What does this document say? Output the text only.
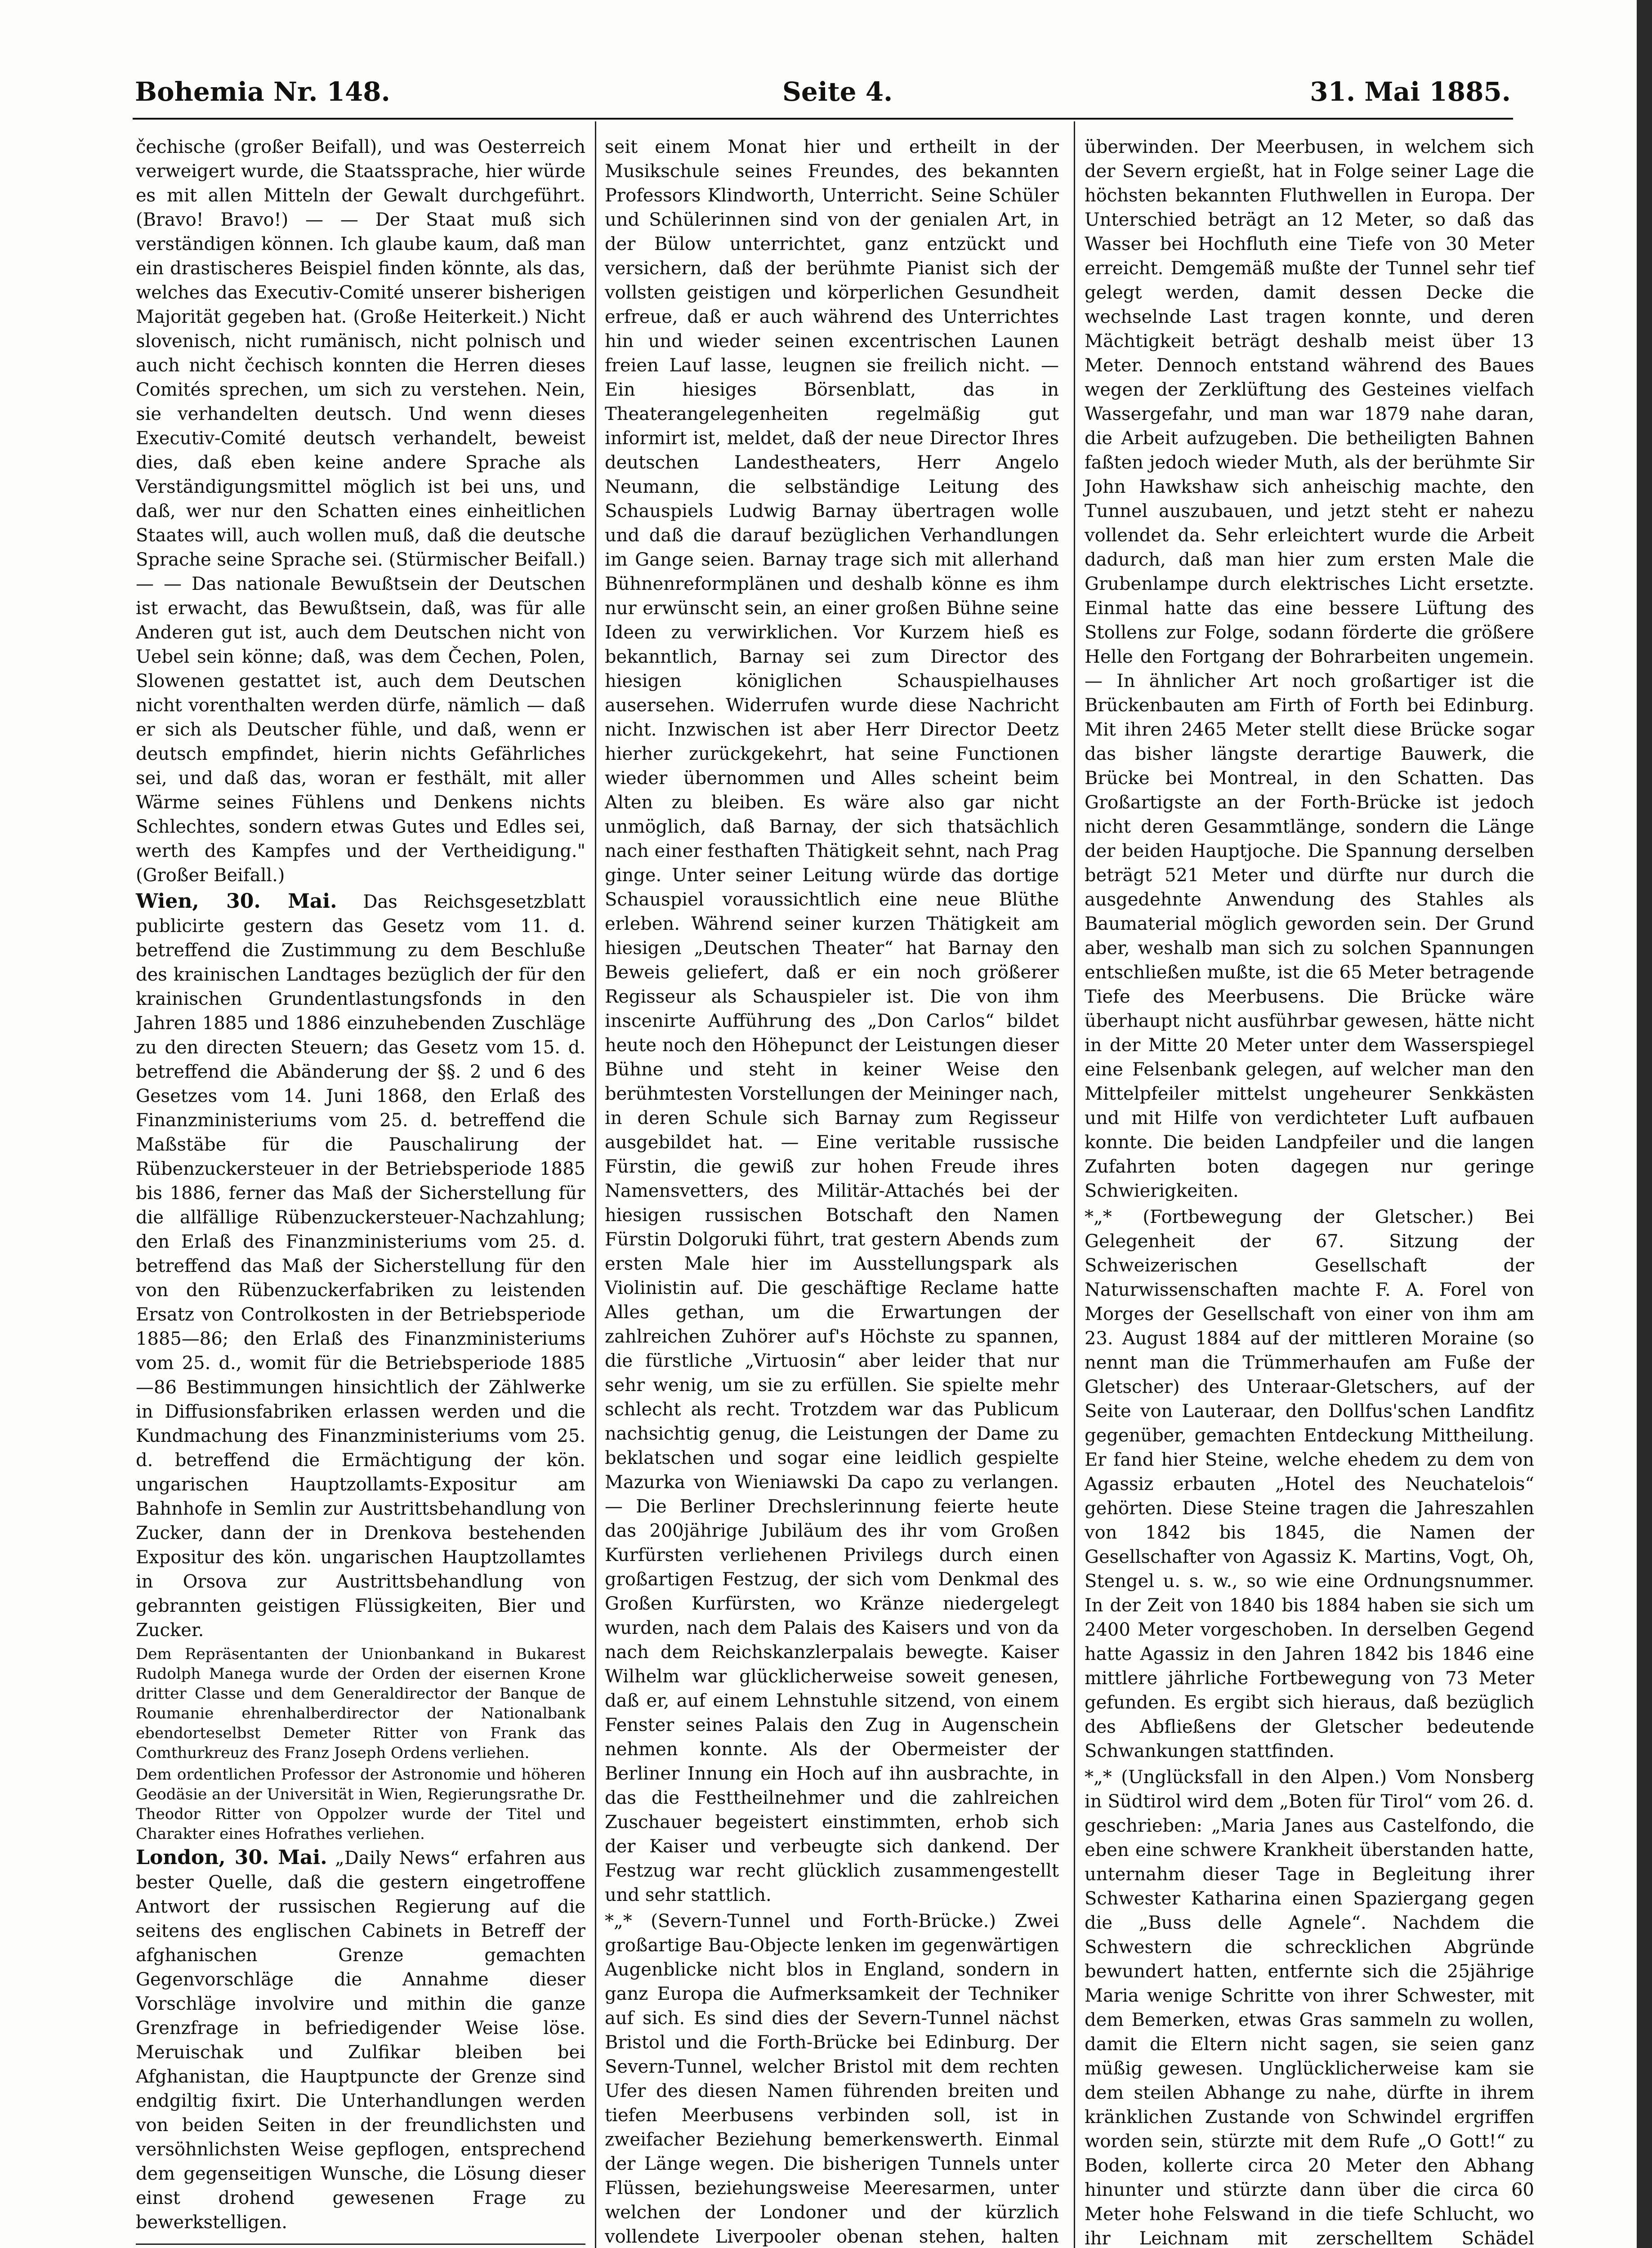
Bohemia Nr. 148.	Seite 4.	31. Mai 1885.

čechische (großer Beifall), und was Oesterreich verweigert wurde, die Staatssprache, hier würde es mit allen Mitteln der Gewalt durchgeführt. (Bravo! Bravo!) — — Der Staat muß sich verständigen können. Ich glaube kaum, daß man ein drastischeres Beispiel finden könnte, als das, welches das Executiv-Comité unserer bisherigen Majorität gegeben hat. (Große Heiterkeit.) Nicht slovenisch, nicht rumänisch, nicht polnisch und auch nicht čechisch konnten die Herren dieses Comités sprechen, um sich zu verstehen. Nein, sie verhandelten deutsch. Und wenn dieses Executiv-Comité deutsch verhandelt, beweist dies, daß eben keine andere Sprache als Verständigungsmittel möglich ist bei uns, und daß, wer nur den Schatten eines einheitlichen Staates will, auch wollen muß, daß die deutsche Sprache seine Sprache sei. (Stürmischer Beifall.) — — Das nationale Bewußtsein der Deutschen ist erwacht, das Bewußtsein, daß, was für alle Anderen gut ist, auch dem Deutschen nicht von Uebel sein könne; daß, was dem Čechen, Polen, Slowenen gestattet ist, auch dem Deutschen nicht vorenthalten werden dürfe, nämlich — daß er sich als Deutscher fühle, und daß, wenn er deutsch empfindet, hierin nichts Gefährliches sei, und daß das, woran er festhält, mit aller Wärme seines Fühlens und Denkens nichts Schlechtes, sondern etwas Gutes und Edles sei, werth des Kampfes und der Vertheidigung." (Großer Beifall.)

Wien, 30. Mai. Das Reichsgesetzblatt publicirte gestern das Gesetz vom 11. d. betreffend die Zustimmung zu dem Beschluße des krainischen Landtages bezüglich der für den krainischen Grundentlastungsfonds in den Jahren 1885 und 1886 einzuhebenden Zuschläge zu den directen Steuern; das Gesetz vom 15. d. betreffend die Abänderung der §§. 2 und 6 des Gesetzes vom 14. Juni 1868, den Erlaß des Finanzministeriums vom 25. d. betreffend die Maßstäbe für die Pauschalirung der Rübenzuckersteuer in der Betriebsperiode 1885 bis 1886, ferner das Maß der Sicherstellung für die allfällige Rübenzuckersteuer-Nachzahlung; den Erlaß des Finanzministeriums vom 25. d. betreffend das Maß der Sicherstellung für den von den Rübenzuckerfabriken zu leistenden Ersatz von Controlkosten in der Betriebsperiode 1885—86; den Erlaß des Finanzministeriums vom 25. d., womit für die Betriebsperiode 1885—86 Bestimmungen hinsichtlich der Zählwerke in Diffusionsfabriken erlassen werden und die Kundmachung des Finanzministeriums vom 25. d. betreffend die Ermächtigung der kön. ungarischen Hauptzollamts-Expositur am Bahnhofe in Semlin zur Austrittsbehandlung von Zucker, dann der in Drenkova bestehenden Expositur des kön. ungarischen Hauptzollamtes in Orsova zur Austrittsbehandlung von gebrannten geistigen Flüssigkeiten, Bier und Zucker.

Dem Repräsentanten der Unionbankand in Bukarest Rudolph Manega wurde der Orden der eisernen Krone dritter Classe und dem Generaldirector der Banque de Roumanie ehrenhalberdirector der Nationalbank ebendorteselbst Demeter Ritter von Frank das Comthurkreuz des Franz Joseph Ordens verliehen.

Dem ordentlichen Professor der Astronomie und höheren Geodäsie an der Universität in Wien, Regierungsrathe Dr. Theodor Ritter von Oppolzer wurde der Titel und Charakter eines Hofrathes verliehen.

London, 30. Mai. „Daily News“ erfahren aus bester Quelle, daß die gestern eingetroffene Antwort der russischen Regierung auf die seitens des englischen Cabinets in Betreff der afghanischen Grenze gemachten Gegenvorschläge die Annahme dieser Vorschläge involvire und mithin die ganze Grenzfrage in befriedigender Weise löse. Meruischak und Zulfikar bleiben bei Afghanistan, die Hauptpuncte der Grenze sind endgiltig fixirt. Die Unterhandlungen werden von beiden Seiten in der freundlichsten und versöhnlichsten Weise gepflogen, entsprechend dem gegenseitigen Wunsche, die Lösung dieser einst drohend gewesenen Frage zu bewerkstelligen.

seit einem Monat hier und ertheilt in der Musikschule seines Freundes, des bekannten Professors Klindworth, Unterricht. Seine Schüler und Schülerinnen sind von der genialen Art, in der Bülow unterrichtet, ganz entzückt und versichern, daß der berühmte Pianist sich der vollsten geistigen und körperlichen Gesundheit erfreue, daß er auch während des Unterrichtes hin und wieder seinen excentrischen Launen freien Lauf lasse, leugnen sie freilich nicht. — Ein hiesiges Börsenblatt, das in Theaterangelegenheiten regelmäßig gut informirt ist, meldet, daß der neue Director Ihres deutschen Landestheaters, Herr Angelo Neumann, die selbständige Leitung des Schauspiels Ludwig Barnay übertragen wolle und daß die darauf bezüglichen Verhandlungen im Gange seien. Barnay trage sich mit allerhand Bühnenreformplänen und deshalb könne es ihm nur erwünscht sein, an einer großen Bühne seine Ideen zu verwirklichen. Vor Kurzem hieß es bekanntlich, Barnay sei zum Director des hiesigen königlichen Schauspielhauses ausersehen. Widerrufen wurde diese Nachricht nicht. Inzwischen ist aber Herr Director Deetz hierher zurückgekehrt, hat seine Functionen wieder übernommen und Alles scheint beim Alten zu bleiben. Es wäre also gar nicht unmöglich, daß Barnay, der sich thatsächlich nach einer festhaften Thätigkeit sehnt, nach Prag ginge. Unter seiner Leitung würde das dortige Schauspiel voraussichtlich eine neue Blüthe erleben. Während seiner kurzen Thätigkeit am hiesigen „Deutschen Theater“ hat Barnay den Beweis geliefert, daß er ein noch größerer Regisseur als Schauspieler ist. Die von ihm inscenirte Aufführung des „Don Carlos“ bildet heute noch den Höhepunct der Leistungen dieser Bühne und steht in keiner Weise den berühmtesten Vorstellungen der Meininger nach, in deren Schule sich Barnay zum Regisseur ausgebildet hat. — Eine veritable russische Fürstin, die gewiß zur hohen Freude ihres Namensvetters, des Militär-Attachés bei der hiesigen russischen Botschaft den Namen Fürstin Dolgoruki führt, trat gestern Abends zum ersten Male hier im Ausstellungspark als Violinistin auf. Die geschäftige Reclame hatte Alles gethan, um die Erwartungen der zahlreichen Zuhörer auf's Höchste zu spannen, die fürstliche „Virtuosin“ aber leider that nur sehr wenig, um sie zu erfüllen. Sie spielte mehr schlecht als recht. Trotzdem war das Publicum nachsichtig genug, die Leistungen der Dame zu beklatschen und sogar eine leidlich gespielte Mazurka von Wieniawski Da capo zu verlangen. — Die Berliner Drechslerinnung feierte heute das 200jährige Jubiläum des ihr vom Großen Kurfürsten verliehenen Privilegs durch einen großartigen Festzug, der sich vom Denkmal des Großen Kurfürsten, wo Kränze niedergelegt wurden, nach dem Palais des Kaisers und von da nach dem Reichskanzlerpalais bewegte. Kaiser Wilhelm war glücklicherweise soweit genesen, daß er, auf einem Lehnstuhle sitzend, von einem Fenster seines Palais den Zug in Augenschein nehmen konnte. Als der Obermeister der Berliner Innung ein Hoch auf ihn ausbrachte, in das die Festtheilnehmer und die zahlreichen Zuschauer begeistert einstimmten, erhob sich der Kaiser und verbeugte sich dankend. Der Festzug war recht glücklich zusammengestellt und sehr stattlich.

*„* (Severn-Tunnel und Forth-Brücke.) Zwei großartige Bau-Objecte lenken im gegenwärtigen Augenblicke nicht blos in England, sondern in ganz Europa die Aufmerksamkeit der Techniker auf sich. Es sind dies der Severn-Tunnel nächst Bristol und die Forth-Brücke bei Edinburg. Der Severn-Tunnel, welcher Bristol mit dem rechten Ufer des diesen Namen führenden breiten und tiefen Meerbusens verbinden soll, ist in zweifacher Beziehung bemerkenswerth. Einmal der Länge wegen. Die bisherigen Tunnels unter Flüssen, beziehungsweise Meeresarmen, unter welchen der Londoner und der kürzlich vollendete Liverpooler obenan stehen, halten

überwinden. Der Meerbusen, in welchem sich der Severn ergießt, hat in Folge seiner Lage die höchsten bekannten Fluthwellen in Europa. Der Unterschied beträgt an 12 Meter, so daß das Wasser bei Hochfluth eine Tiefe von 30 Meter erreicht. Demgemäß mußte der Tunnel sehr tief gelegt werden, damit dessen Decke die wechselnde Last tragen konnte, und deren Mächtigkeit beträgt deshalb meist über 13 Meter. Dennoch entstand während des Baues wegen der Zerklüftung des Gesteines vielfach Wassergefahr, und man war 1879 nahe daran, die Arbeit aufzugeben. Die betheiligten Bahnen faßten jedoch wieder Muth, als der berühmte Sir John Hawkshaw sich anheischig machte, den Tunnel auszubauen, und jetzt steht er nahezu vollendet da. Sehr erleichtert wurde die Arbeit dadurch, daß man hier zum ersten Male die Grubenlampe durch elektrisches Licht ersetzte. Einmal hatte das eine bessere Lüftung des Stollens zur Folge, sodann förderte die größere Helle den Fortgang der Bohrarbeiten ungemein. — In ähnlicher Art noch großartiger ist die Brückenbauten am Firth of Forth bei Edinburg. Mit ihren 2465 Meter stellt diese Brücke sogar das bisher längste derartige Bauwerk, die Brücke bei Montreal, in den Schatten. Das Großartigste an der Forth-Brücke ist jedoch nicht deren Gesammtlänge, sondern die Länge der beiden Hauptjoche. Die Spannung derselben beträgt 521 Meter und dürfte nur durch die ausgedehnte Anwendung des Stahles als Baumaterial möglich geworden sein. Der Grund aber, weshalb man sich zu solchen Spannungen entschließen mußte, ist die 65 Meter betragende Tiefe des Meerbusens. Die Brücke wäre überhaupt nicht ausführbar gewesen, hätte nicht in der Mitte 20 Meter unter dem Wasserspiegel eine Felsenbank gelegen, auf welcher man den Mittelpfeiler mittelst ungeheurer Senkkästen und mit Hilfe von verdichteter Luft aufbauen konnte. Die beiden Landpfeiler und die langen Zufahrten boten dagegen nur geringe Schwierigkeiten.

*„* (Fortbewegung der Gletscher.) Bei Gelegenheit der 67. Sitzung der Schweizerischen Gesellschaft der Naturwissenschaften machte F. A. Forel von Morges der Gesellschaft von einer von ihm am 23. August 1884 auf der mittleren Moraine (so nennt man die Trümmerhaufen am Fuße der Gletscher) des Unteraar-Gletschers, auf der Seite von Lauteraar, den Dollfus'schen Landfitz gegenüber, gemachten Entdeckung Mittheilung. Er fand hier Steine, welche ehedem zu dem von Agassiz erbauten „Hotel des Neuchatelois“ gehörten. Diese Steine tragen die Jahreszahlen von 1842 bis 1845, die Namen der Gesellschafter von Agassiz K. Martins, Vogt, Oh, Stengel u. s. w., so wie eine Ordnungsnummer. In der Zeit von 1840 bis 1884 haben sie sich um 2400 Meter vorgeschoben. In derselben Gegend hatte Agassiz in den Jahren 1842 bis 1846 eine mittlere jährliche Fortbewegung von 73 Meter gefunden. Es ergibt sich hieraus, daß bezüglich des Abfließens der Gletscher bedeutende Schwankungen stattfinden.

*„* (Unglücksfall in den Alpen.) Vom Nonsberg in Südtirol wird dem „Boten für Tirol“ vom 26. d. geschrieben: „Maria Janes aus Castelfondo, die eben eine schwere Krankheit überstanden hatte, unternahm dieser Tage in Begleitung ihrer Schwester Katharina einen Spaziergang gegen die „Buss delle Agnele“. Nachdem die Schwestern die schrecklichen Abgründe bewundert hatten, entfernte sich die 25jährige Maria wenige Schritte von ihrer Schwester, mit dem Bemerken, etwas Gras sammeln zu wollen, damit die Eltern nicht sagen, sie seien ganz müßig gewesen. Unglücklicherweise kam sie dem steilen Abhange zu nahe, dürfte in ihrem kränklichen Zustande von Schwindel ergriffen worden sein, stürzte mit dem Rufe „O Gott!“ zu Boden, kollerte circa 20 Meter den Abhang hinunter und stürzte dann über die circa 60 Meter hohe Felswand in die tiefe Schlucht, wo ihr Leichnam mit zerschelltem Schädel
